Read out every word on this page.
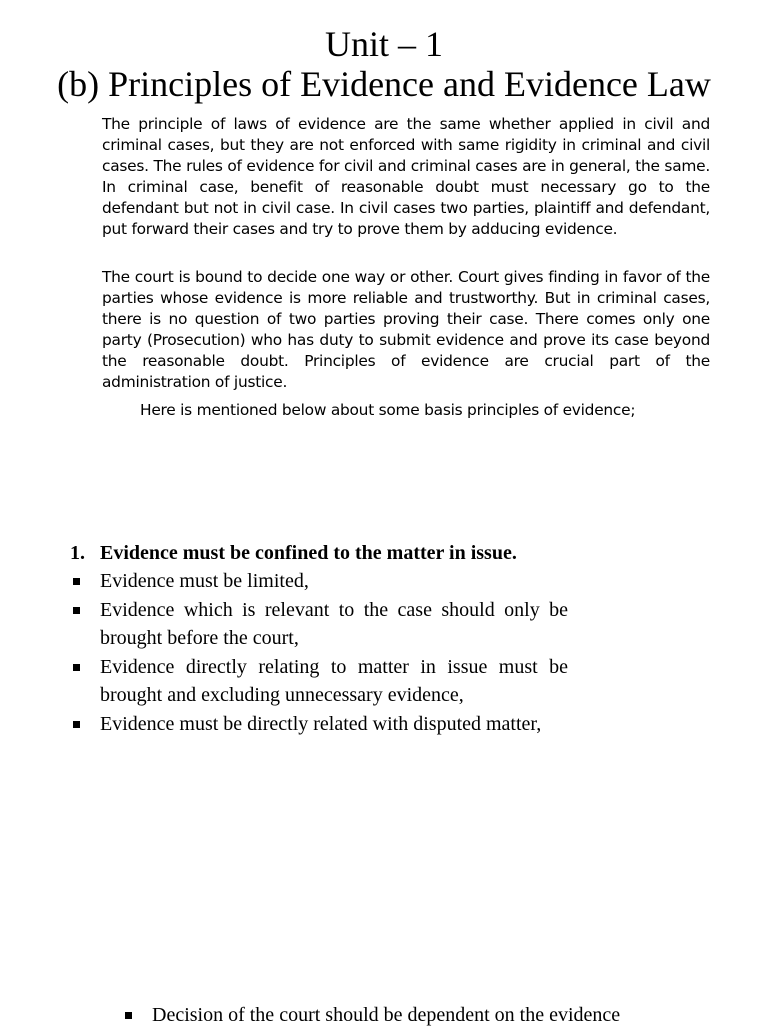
Unit – 1
(b) Principles of Evidence and Evidence Law
The principle of laws of evidence are the same whether applied in civil and criminal cases, but they are not enforced with same rigidity in criminal and civil cases. The rules of evidence for civil and criminal cases are in general, the same. In criminal case, benefit of reasonable doubt must necessary go to the defendant but not in civil case. In civil cases two parties, plaintiff and defendant, put forward their cases and try to prove them by adducing evidence.
The court is bound to decide one way or other. Court gives finding in favor of the parties whose evidence is more reliable and trustworthy. But in criminal cases, there is no question of two parties proving their case. There comes only one party (Prosecution) who has duty to submit evidence and prove its case beyond the reasonable doubt. Principles of evidence are crucial part of the administration of justice.
Here is mentioned below about some basis principles of evidence;
1. Evidence must be confined to the matter in issue.
Evidence must be limited,
Evidence which is relevant to the case should only be brought before the court,
Evidence directly relating to matter in issue must be brought and excluding unnecessary evidence,
Evidence must be directly related with disputed matter,
Decision of the court should be dependent on the evidence
